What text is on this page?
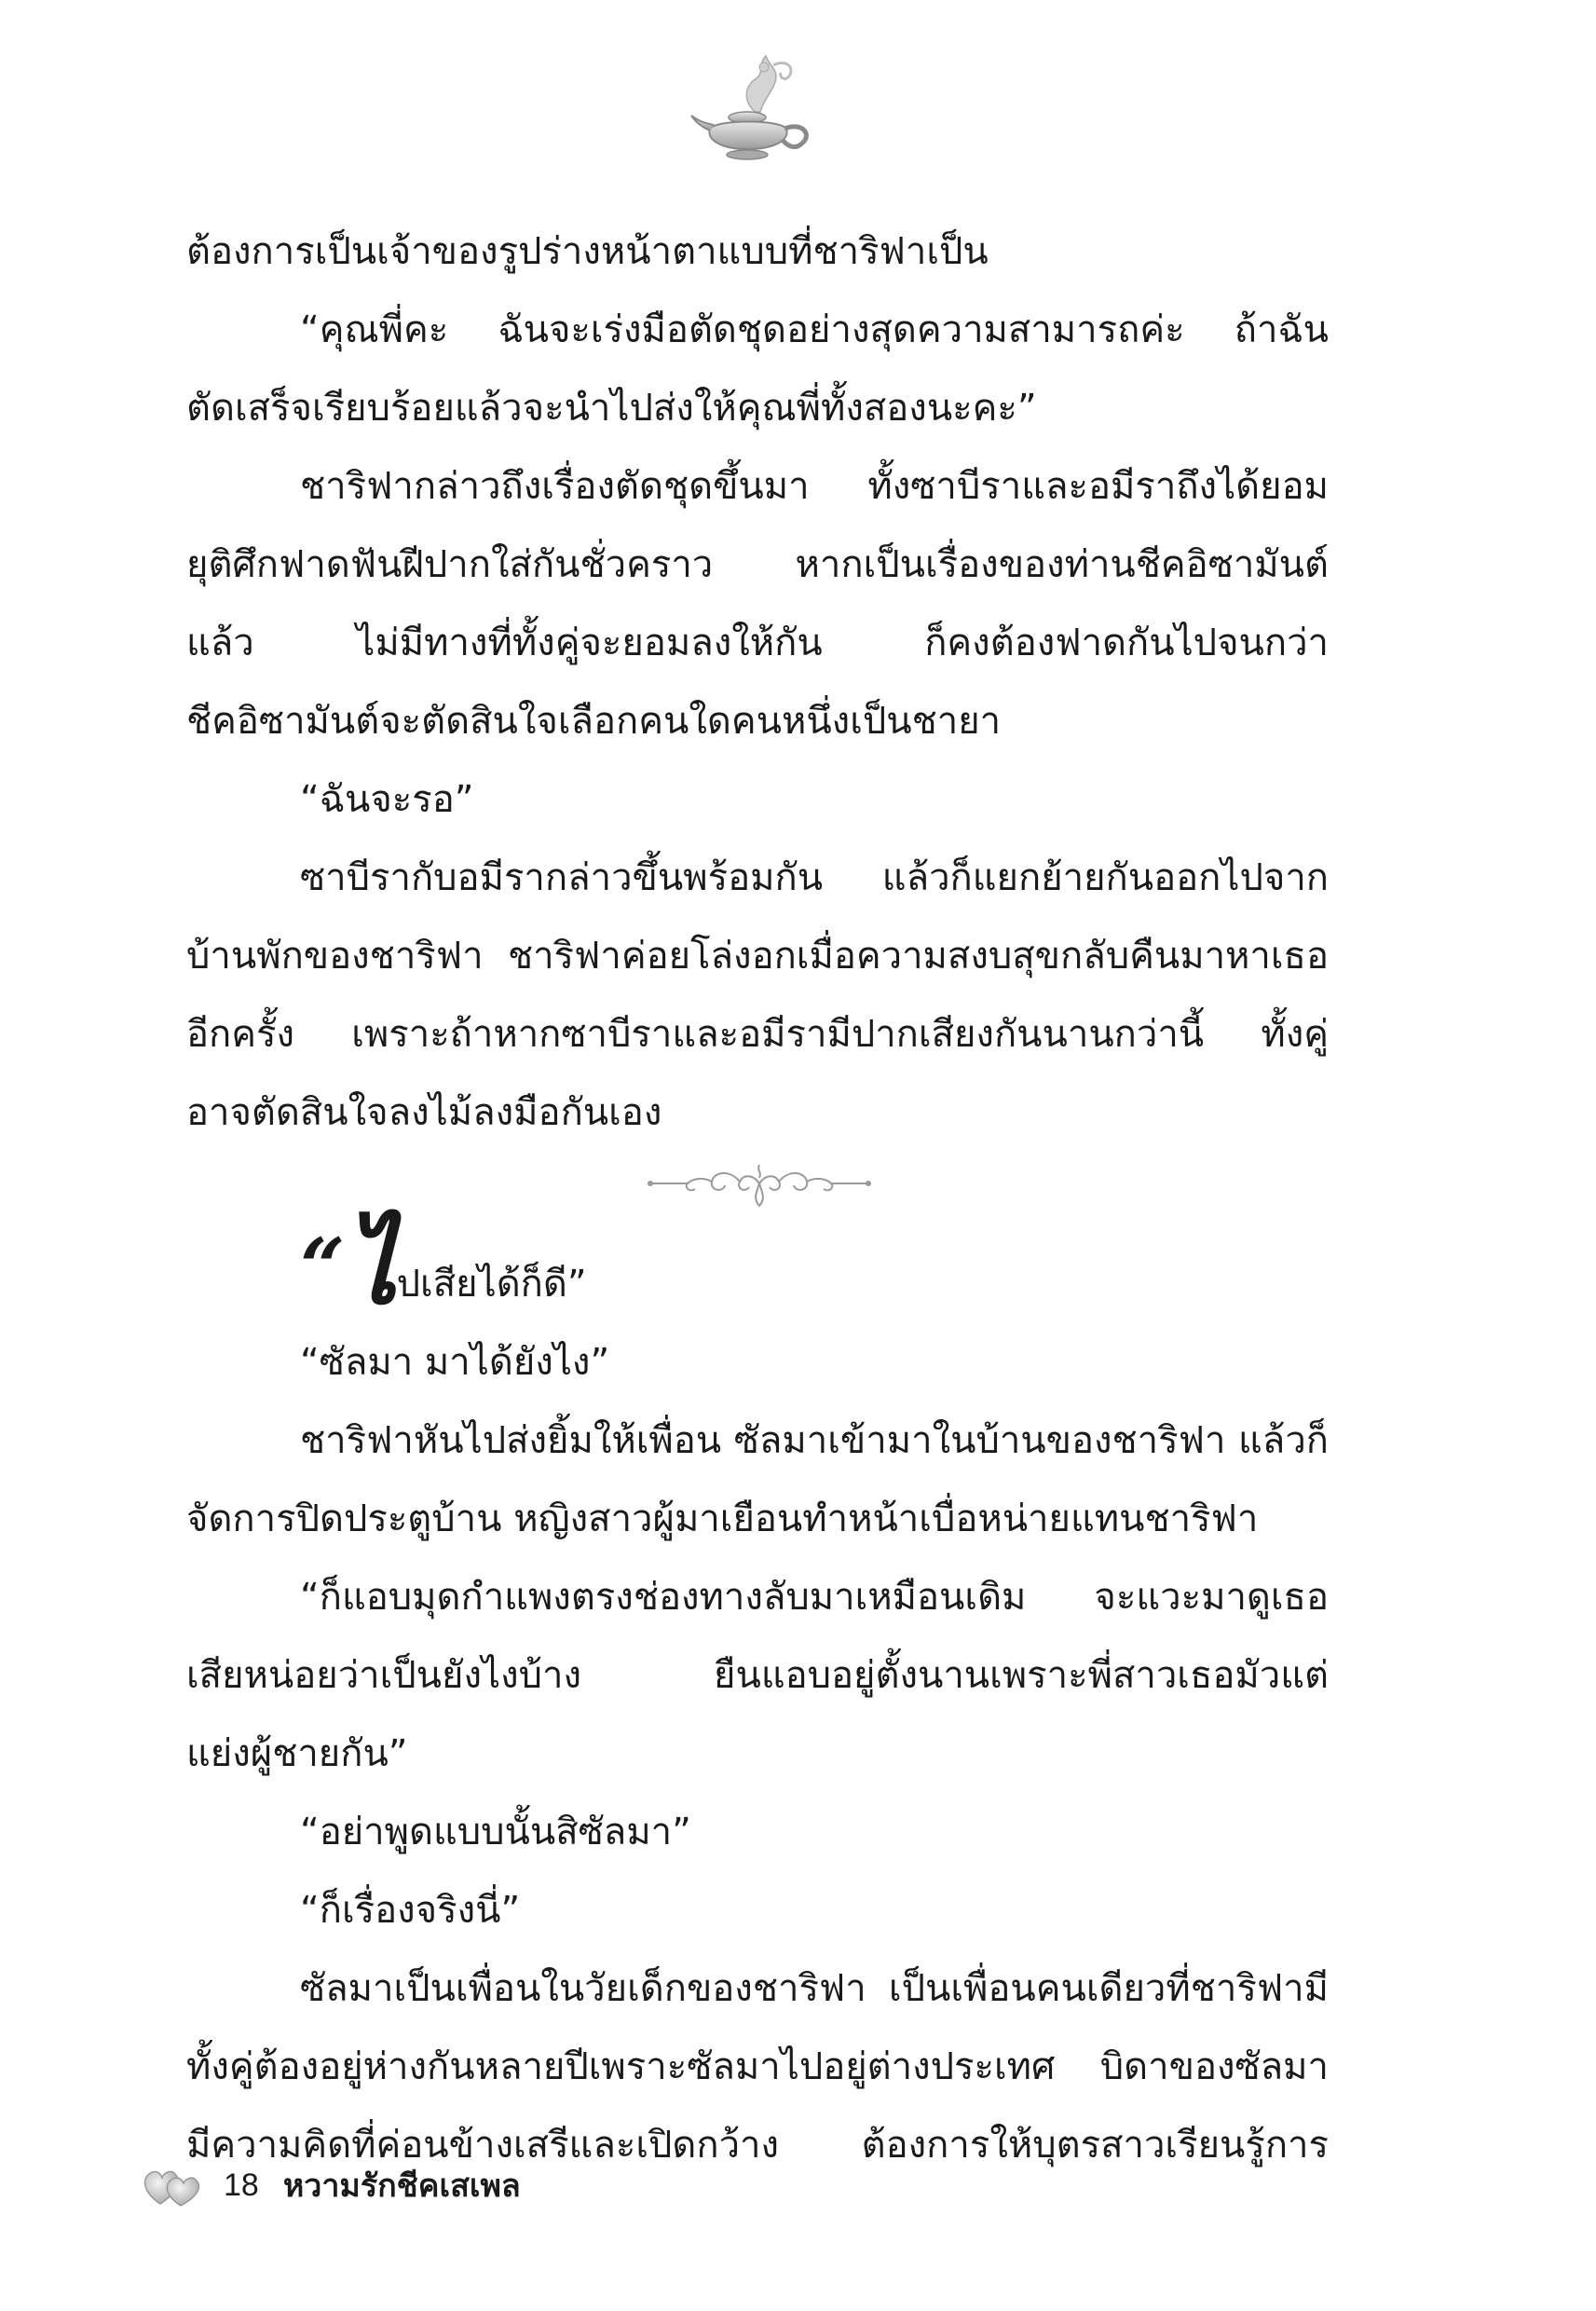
ต้องการเป็นเจ้าของรูปร่างหน้าตาแบบที่ชาริฟาเป็น
“คุณพี่คะ ฉันจะเร่งมือตัดชุดอย่างสุดความสามารถค่ะ ถ้าฉัน
ตัดเสร็จเรียบร้อยแล้วจะนำไปส่งให้คุณพี่ทั้งสองนะคะ”
ชาริฟากล่าวถึงเรื่องตัดชุดขึ้นมา ทั้งซาบีราและอมีราถึงได้ยอม
ยุติศึกฟาดฟันฝีปากใส่กันชั่วคราว หากเป็นเรื่องของท่านชีคอิซามันต์
แล้ว ไม่มีทางที่ทั้งคู่จะยอมลงให้กัน ก็คงต้องฟาดกันไปจนกว่า
ชีคอิซามันต์จะตัดสินใจเลือกคนใดคนหนึ่งเป็นชายา
“ฉันจะรอ”
ซาบีรากับอมีรากล่าวขึ้นพร้อมกัน แล้วก็แยกย้ายกันออกไปจาก
บ้านพักของชาริฟา ชาริฟาค่อยโล่งอกเมื่อความสงบสุขกลับคืนมาหาเธอ
อีกครั้ง เพราะถ้าหากซาบีราและอมีรามีปากเสียงกันนานกว่านี้ ทั้งคู่
อาจตัดสินใจลงไม้ลงมือกันเอง
“ไปเสียได้ก็ดี”
“ซัลมา มาได้ยังไง”
ชาริฟาหันไปส่งยิ้มให้เพื่อน ซัลมาเข้ามาในบ้านของชาริฟา แล้วก็
จัดการปิดประตูบ้าน หญิงสาวผู้มาเยือนทำหน้าเบื่อหน่ายแทนชาริฟา
“ก็แอบมุดกำแพงตรงช่องทางลับมาเหมือนเดิม จะแวะมาดูเธอ
เสียหน่อยว่าเป็นยังไงบ้าง ยืนแอบอยู่ตั้งนานเพราะพี่สาวเธอมัวแต่
แย่งผู้ชายกัน”
“อย่าพูดแบบนั้นสิซัลมา”
“ก็เรื่องจริงนี่”
ซัลมาเป็นเพื่อนในวัยเด็กของชาริฟา เป็นเพื่อนคนเดียวที่ชาริฟามี
ทั้งคู่ต้องอยู่ห่างกันหลายปีเพราะซัลมาไปอยู่ต่างประเทศ บิดาของซัลมา
มีความคิดที่ค่อนข้างเสรีและเปิดกว้าง ต้องการให้บุตรสาวเรียนรู้การ
18 หวามรักชีคเสเพล
